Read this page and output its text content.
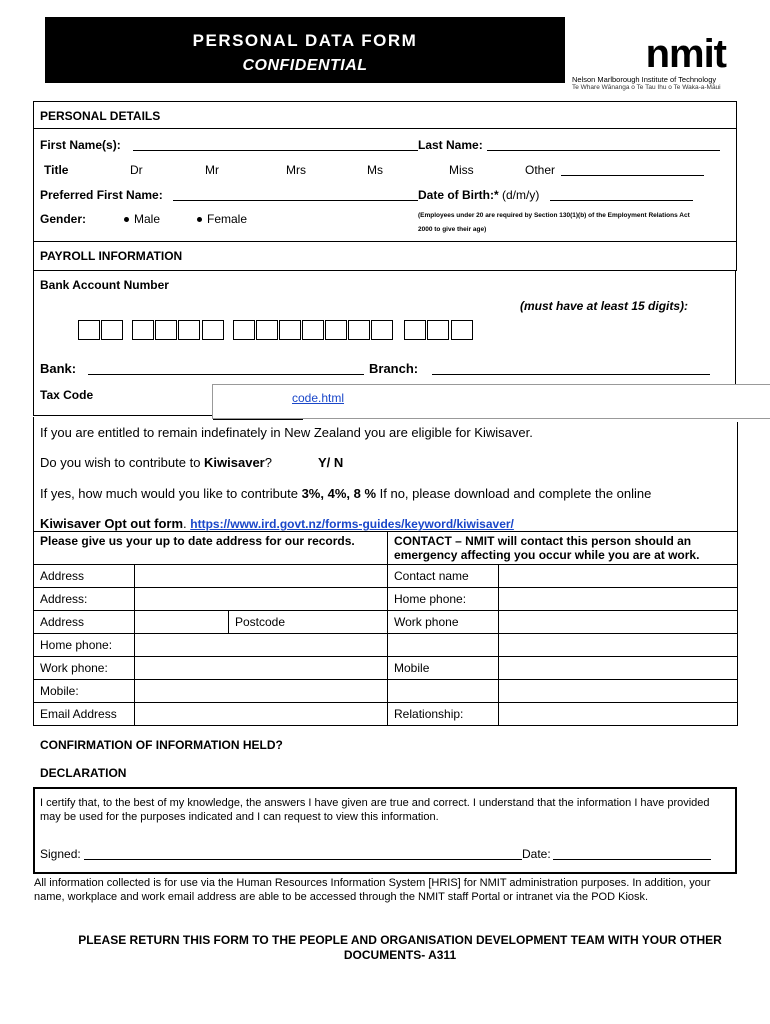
PERSONAL DATA FORM
CONFIDENTIAL	nmit
Nelson Marlborough Institute of Technology
Te Whare Wānanga o Te Tau Ihu o Te Waka-a-Māui
PERSONAL DETAILS
First Name(s):	Last Name:
Title	Dr	Mr	Mrs	Ms	Miss	Other
Preferred First Name:	Date of Birth:* (d/m/y)
Gender:	Male	Female	(Employees under 20 are required by Section 130(1)(b) of the Employment Relations Act
2000 to give their age)
PAYROLL INFORMATION
Bank Account Number
(must have at least 15 digits):
Bank:	Branch:
Tax Code	code.html
If you are entitled to remain indefinately in New Zealand you are eligible for Kiwisaver.
Do you wish to contribute to Kiwisaver?	Y/ N
If yes, how much would you like to contribute 3%, 4%, 8 % If no, please download and complete the online
Kiwisaver Opt out form. https://www.ird.govt.nz/forms-guides/keyword/kiwisaver/
Please give us your up to date address for our records.			CONTACT – NMIT will contact this person should an emergency affecting you occur while you are at work.	
Address			Contact name	
Address:			Home phone:	
Address		Postcode	Work phone	
Home phone:				
Work phone:			Mobile	
Mobile:				
Email Address			Relationship:	
CONFIRMATION OF INFORMATION HELD?
DECLARATION
I certify that, to the best of my knowledge, the answers I have given are true and correct. I understand that the information I have provided may be used for the purposes indicated and I can request to view this information.
Signed:	Date:
All information collected is for use via the Human Resources Information System [HRIS] for NMIT administration purposes. In addition, your name, workplace and work email address are able to be accessed through the NMIT staff Portal or intranet via the POD Kiosk.
PLEASE RETURN THIS FORM TO THE PEOPLE AND ORGANISATION DEVELOPMENT TEAM WITH YOUR OTHER DOCUMENTS- A311
